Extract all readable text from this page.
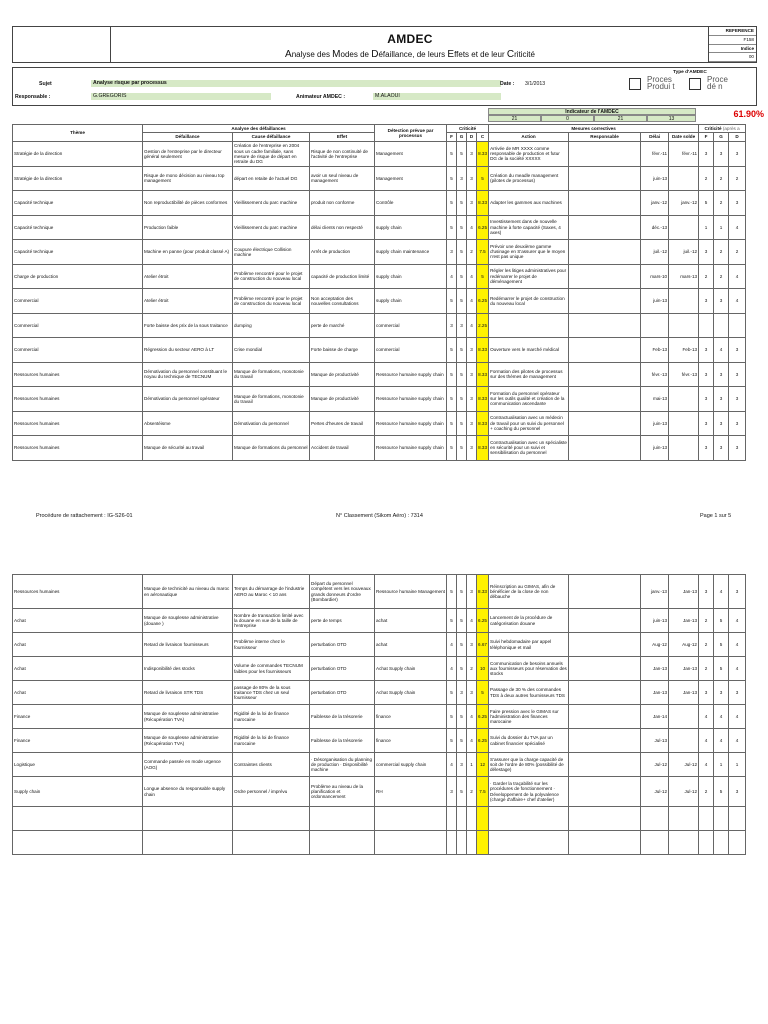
AMDEC
Analyse des Modes de Défaillance, de leurs Effets et de leur Criticité
REFERENCE
F158
Indice
00
Sujet	Analyse risque par processus	Date : 3/1/2013
Responsable :	G.GREGORIS	Animateur AMDEC :	M.ALAOUI
Type d'AMDEC
Proces Produi t
Proce dé n
61.90%
Indicateur de l'AMDEC
21	0	21	13
Thème	Analyse des défaillances			Détection prévue par processus	Criticité				Mesures correctives				Criticité (après a		
	Défaillance	Cause défaillance	Effet		F	G	D	C	Action	Responsable	Délai	Date solde	F	G	D
Stratégie de la direction	Gestion de l'entreprise par le directeur général seulement	Création de l'entreprise en 2004 sous un cadre familiale, sans mesure de risque de départ en retraite du DG	Risque de non continuité de l'activité de l'entreprise	Management	5	5	3	8.33	Arrivée de MR XXXX comme responsable de production et futur DG de la société XXXXX		févr.-11	févr.-11	3	3	3
Stratégie de la direction	Risque de mono décision au niveau top management	départ en retaite de l'actuel DG	avoir un seul niveau de management	Management	5	3	3	5	Création du meadle management (pilotes de processus)		juin-13		2	2	2
Capacité technique	Non reproductibilité de pièces conformes	Vieillissement du parc machine	produit non conforme	Contrôle	5	5	3	8.33	Adapter les gammes aux machines		janv.-12	janv.-12	5	2	3
Capacité technique	Production faible	Vieillissement du parc machine	délai clients non respecté	supply chain	5	5	4	6.25	Investissement dans de nouvelle machine à forte capacité (Saxes, 4 axes)		déc.-13		1	1	4
Capacité technique	Machine en panne (pour produit classé A)	Coupure électrique Collision machine	Arrêt de production	supply chain maintenance	3	5	2	7.5	Prévoir une deuxième gamme d'usinage en S'assurer que le moyen n'est pas unique		juil.-12	juil.-12	3	2	2
Charge de production	Atelier étroit	Problème rencontré pour le projet de construction du nouveau local	capacité de production limité	supply chain	4	5	4	5	Régler les litiges administratives pour redémarrer le projet de déménagement		mars-10	mars-13	2	2	4
Commercial	Atelier étroit	Problème rencontré pour le projet de construction du nouveau local	Non acceptation des nouvelles consultations	supply chain	5	5	4	6.25	Redémarrer le projet de construction du nouveau local		juin-13		3	3	4
Commercial	Forte baisse des prix de la sous traitance	dumping	perte de marché	commercial	3	3	4	2.25							
Commercial	Régression du secteur AERO à LT	Crise mondial	Forte baisse de charge	commercial	5	5	3	8.33	Ouverture vers le marché médical		Feb-13	Feb-13	3	4	3
Ressources humaines	Démotivation du personnel constituant le noyau du technique de TECNUM	Manque de formations, monotonie du travail	Manque de productivité	Ressource humaine supply chain	5	5	3	8.33	Formation des pilotes de processus sur des thèmes de management		févr.-13	févr.-13	3	3	3
Ressources humaines	Démotivation du personnel opérateur	Manque de formations, monotonie du travail	Manque de productivité	Ressource humaine supply chain	5	5	3	8.33	Formation du personnel opérateur sur les outils qualité et création de la communication ascendante		mai-13		3	3	3
Ressources humaines	Absentéisme	Démotivation du personnel	Pertes d'heures de travail	Ressource humaine supply chain	5	5	3	8.33	Contractualisation avec un médecin de travail pour un suivi du personnel + coaching du personnel		juin-13		3	3	3
Ressources humaines	Manque de sécurité au travail	Manque de formations du personnel	Accident de travail	Ressource humaine supply chain	5	5	3	8.33	Contractualisation avec un spécialiste en sécurité pour un suivi et sensibilisation du personnel		juin-13		3	3	3
Procédure de rattachement : IG-S26-01	N° Classement (Sikom Aéro) : 7314	Page 1 sur 5
Ressources humaines	Manque de technicité au niveau du maroc en aéronautique	Temps du démarrage de l'industrie AERO au Maroc < 10 ans	Départ du personnel compétent vers les nouveaux grands donneurs d'ordre (Bombardier)	Ressource humaine Management	5	5	3	8.33	Réinscription au GIMAS, afin de bénéficier de la close de non débauche		janv.-13	Jan-13	3	4	3
Achat	Manque de souplesse administrative (douane )	Nombre de transaction limité avec la douane en vue de la taille de l'entreprise	perte de temps	achat	5	5	4	6.25	Lancement de la procédure de catégorisation douane		juin-13	Jan-13	2	5	4
Achat	Retard de livraison fournisseurs	Problème interne chez le fournisseur	perturbation OTD	achat	4	5	3	6.67	Suivi hebdomadaire par appel téléphonique et mail		Aug-12	Aug-12	2	5	4
Achat	Indisponibilité des stocks	Volume de commandes TECNUM faibles pour les fournisseurs	perturbation OTD	Achat Supply chain	4	5	2	10	Communication de besoins annuels aux fournisseurs pour réservation des stocks		Jan-13	Jan-13	2	5	4
Achat	Retard de livraison STR TDS	passage de 80% de la sous traitance TDS chez un seul fournisseur	perturbation OTD	Achat Supply chain	5	3	3	5	Passage de 30 % des commandes TDS à deux autres fournisseurs TDS		Jan-13	Jan-13	3	3	3
Finance	Manque de souplesse administrative (Récupération TVA)	Rigidité de la loi de finance marocaine	Faiblesse de la trésorerie	finance	5	5	4	6.25	Faire pression avec le GIMAS sur l'administration des finances marocaine		Jan-14		4	4	4
Finance	Manque de souplesse administrative (Récupération TVA)	Rigidité de la loi de finance marocaine	Faiblesse de la trésorerie	finance	5	5	4	6.25	Suivi du dossier du TVA par un cabinet financier spécialisé		Jul-13		4	4	4
Logistique	Commande passée en mode urgence (AOG)	Contraintes clients	· Désorganisation du planning de production · Disponibilité machine	commercial supply chain	4	3	1	12	S'assurer que la charge capacité de soit de l'ordre de 80% (possibilité de délestage)		Jul-12	Jul-12	4	1	1
Supply chain	Longue absence du responsable supply chain	Ordre personnel / imprévu	Problème au niveau de la planification et ordonnancement	RH	3	5	2	7.5	· Garder la traçabilité sur les procédures de fonctionnement · Développement de la polyvalence (chargé d'affaire+ chef d'atelier)		Jul-12	Jul-12	2	5	3
